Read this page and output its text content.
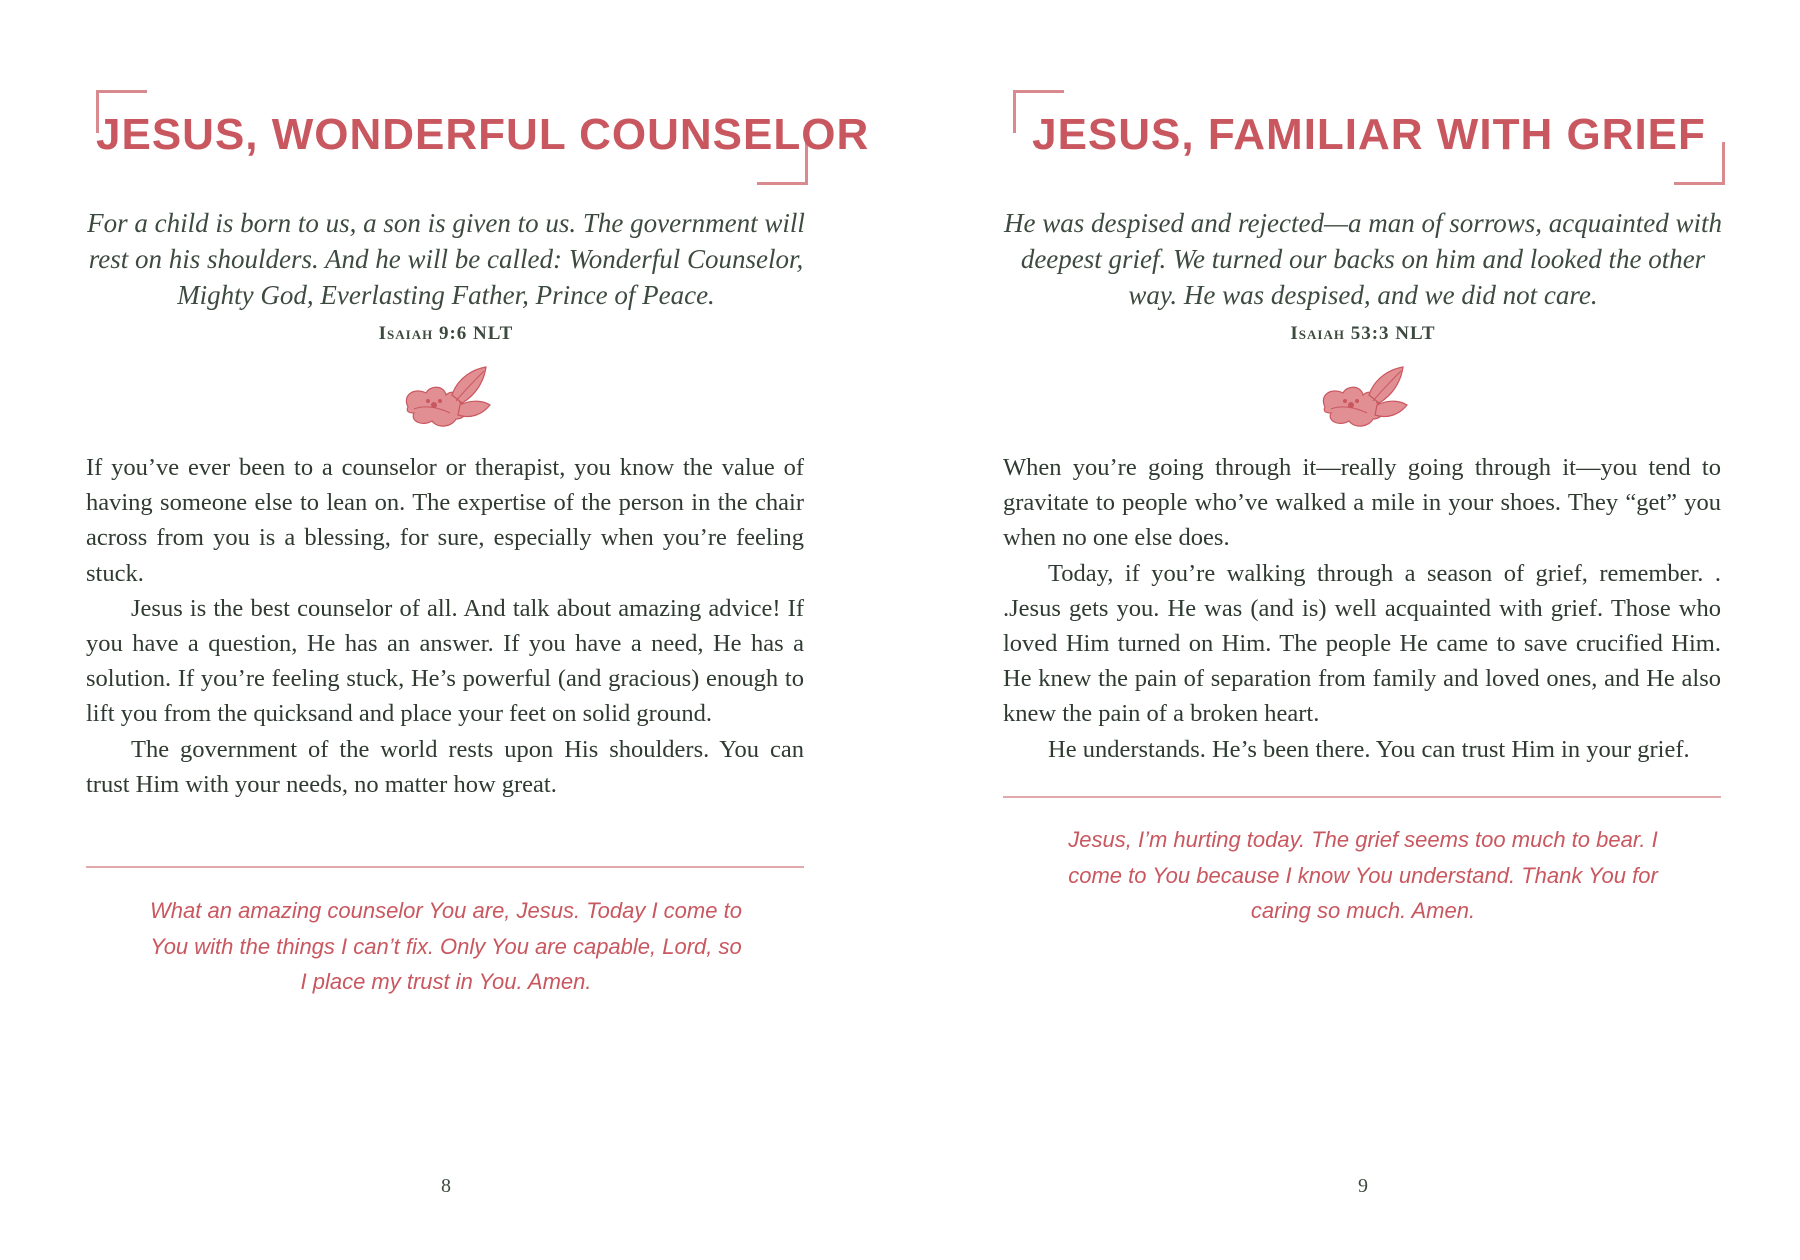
JESUS, WONDERFUL COUNSELOR
For a child is born to us, a son is given to us. The government will rest on his shoulders. And he will be called: Wonderful Counselor, Mighty God, Everlasting Father, Prince of Peace.
Isaiah 9:6 NLT

If you’ve ever been to a counselor or therapist, you know the value of having someone else to lean on. The expertise of the person in the chair across from you is a blessing, for sure, especially when you’re feeling stuck.

Jesus is the best counselor of all. And talk about amazing advice! If you have a question, He has an answer. If you have a need, He has a solution. If you’re feeling stuck, He’s powerful (and gracious) enough to lift you from the quicksand and place your feet on solid ground.

The government of the world rests upon His shoulders. You can trust Him with your needs, no matter how great.

What an amazing counselor You are, Jesus. Today I come to You with the things I can’t fix. Only You are capable, Lord, so I place my trust in You. Amen.
8
JESUS, FAMILIAR WITH GRIEF
He was despised and rejected—a man of sorrows, acquainted with deepest grief. We turned our backs on him and looked the other way. He was despised, and we did not care.
Isaiah 53:3 NLT

When you’re going through it—really going through it—you tend to gravitate to people who’ve walked a mile in your shoes. They “get” you when no one else does.

Today, if you’re walking through a season of grief, remember. . .Jesus gets you. He was (and is) well acquainted with grief. Those who loved Him turned on Him. The people He came to save crucified Him. He knew the pain of separation from family and loved ones, and He also knew the pain of a broken heart.

He understands. He’s been there. You can trust Him in your grief.

Jesus, I’m hurting today. The grief seems too much to bear. I come to You because I know You understand. Thank You for caring so much. Amen.
9
